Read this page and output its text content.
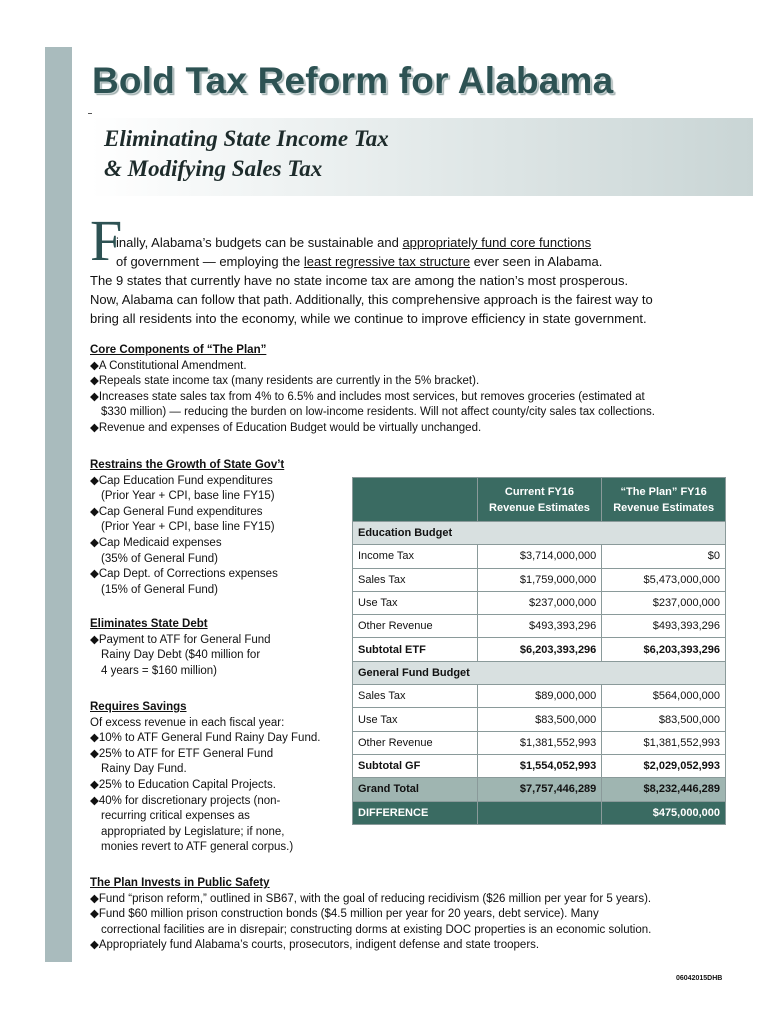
Bold Tax Reform for Alabama
Eliminating State Income Tax
& Modifying Sales Tax
F
inally, Alabama’s budgets can be sustainable and appropriately fund core functions
of government — employing the least regressive tax structure ever seen in Alabama.
The 9 states that currently have no state income tax are among the nation’s most prosperous.
Now, Alabama can follow that path. Additionally, this comprehensive approach is the fairest way to
bring all residents into the economy, while we continue to improve efficiency in state government.
Core Components of “The Plan”
◆A Constitutional Amendment.
◆Repeals state income tax (many residents are currently in the 5% bracket).
◆Increases state sales tax from 4% to 6.5% and includes most services, but removes groceries (estimated at
$330 million) — reducing the burden on low-income residents. Will not affect county/city sales tax collections.
◆Revenue and expenses of Education Budget would be virtually unchanged.
Restrains the Growth of State Gov’t
◆Cap Education Fund expenditures
(Prior Year + CPI, base line FY15)
◆Cap General Fund expenditures
(Prior Year + CPI, base line FY15)
◆Cap Medicaid expenses
(35% of General Fund)
◆Cap Dept. of Corrections expenses
(15% of General Fund)
Eliminates State Debt
◆Payment to ATF for General Fund
Rainy Day Debt ($40 million for
4 years = $160 million)
Requires Savings
Of excess revenue in each fiscal year:
◆10% to ATF General Fund Rainy Day Fund.
◆25% to ATF for ETF General Fund
Rainy Day Fund.
◆25% to Education Capital Projects.
◆40% for discretionary projects (non-
recurring critical expenses as
appropriated by Legislature; if none,
monies revert to ATF general corpus.)
The Plan Invests in Public Safety
◆Fund “prison reform,” outlined in SB67, with the goal of reducing recidivism ($26 million per year for 5 years).
◆Fund $60 million prison construction bonds ($4.5 million per year for 20 years, debt service). Many
correctional facilities are in disrepair; constructing dorms at existing DOC properties is an economic solution.
◆Appropriately fund Alabama’s courts, prosecutors, indigent defense and state troopers.
	Current FY16
Revenue Estimates	“The Plan” FY16
Revenue Estimates
Education Budget		
Income Tax	$3,714,000,000	$0
Sales Tax	$1,759,000,000	$5,473,000,000
Use Tax	$237,000,000	$237,000,000
Other Revenue	$493,393,296	$493,393,296
Subtotal ETF	$6,203,393,296	$6,203,393,296
General Fund Budget		
Sales Tax	$89,000,000	$564,000,000
Use Tax	$83,500,000	$83,500,000
Other Revenue	$1,381,552,993	$1,381,552,993
Subtotal GF	$1,554,052,993	$2,029,052,993
Grand Total	$7,757,446,289	$8,232,446,289
DIFFERENCE		$475,000,000
06042015DHB
